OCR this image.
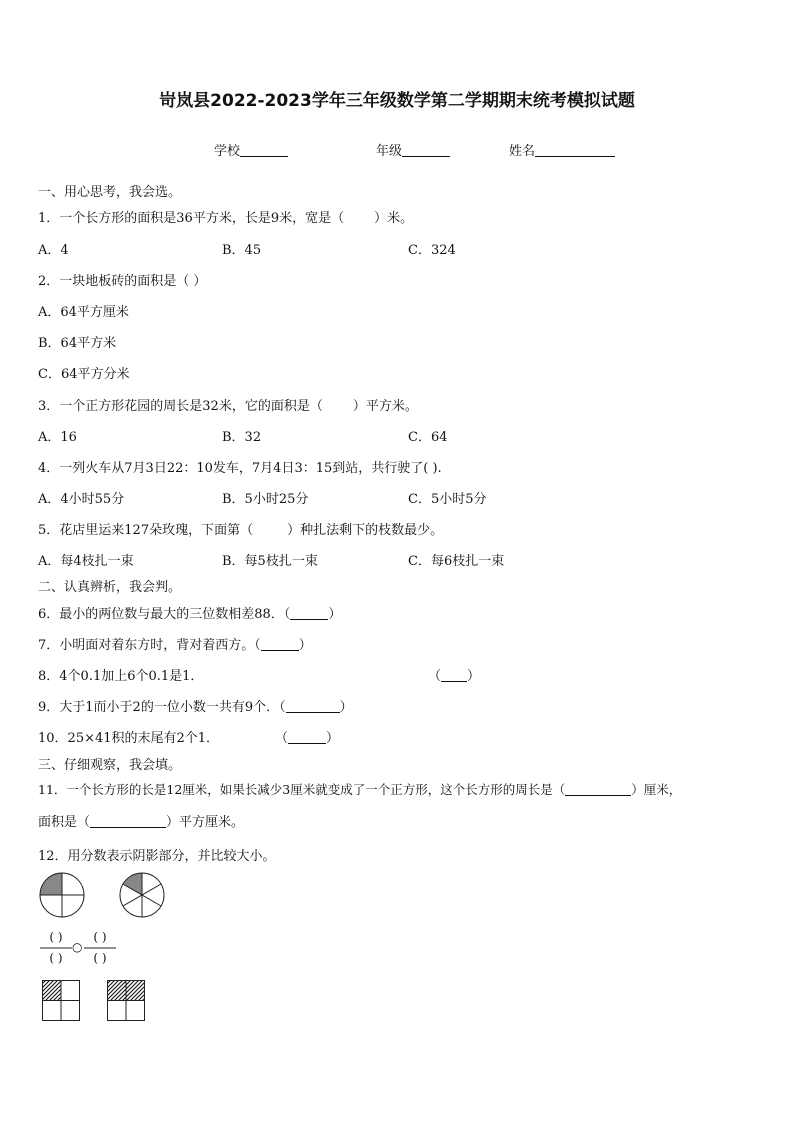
岢岚县2022-2023学年三年级数学第二学期期末统考模拟试题
学校	年级	姓名
一、用心思考，我会选。
1．一个长方形的面积是36平方米，长是9米，宽是（ ）米。
A．4	B．45	C．324
2．一块地板砖的面积是（ ）
A．64平方厘米
B．64平方米
C．64平方分米
3．一个正方形花园的周长是32米，它的面积是（ ）平方米。
A．16	B．32	C．64
4．一列火车从7月3日22：10发车，7月4日3：15到站，共行驶了( ).
A．4小时55分	B．5小时25分	C．5小时5分
5．花店里运来127朵玫瑰，下面第（	）种扎法剩下的枝数最少。
A．每4枝扎一束	B．每5枝扎一束	C．每6枝扎一束
二、认真辨析，我会判。
6．最小的两位数与最大的三位数相差88．（	）
7．小明面对着东方时，背对着西方。（	）
8．4个0.1加上6个0.1是1．	（ ）
9．大于1而小于2的一位小数一共有9个．（	）
10．25×41积的末尾有2个1．	（	）
三、仔细观察，我会填。
11．一个长方形的长是12厘米，如果长减少3厘米就变成了一个正方形，这个长方形的周长是（	）厘米，
面积是（	）平方厘米。
12．用分数表示阴影部分，并比较大小。
( )
( )
○
( )
( )
